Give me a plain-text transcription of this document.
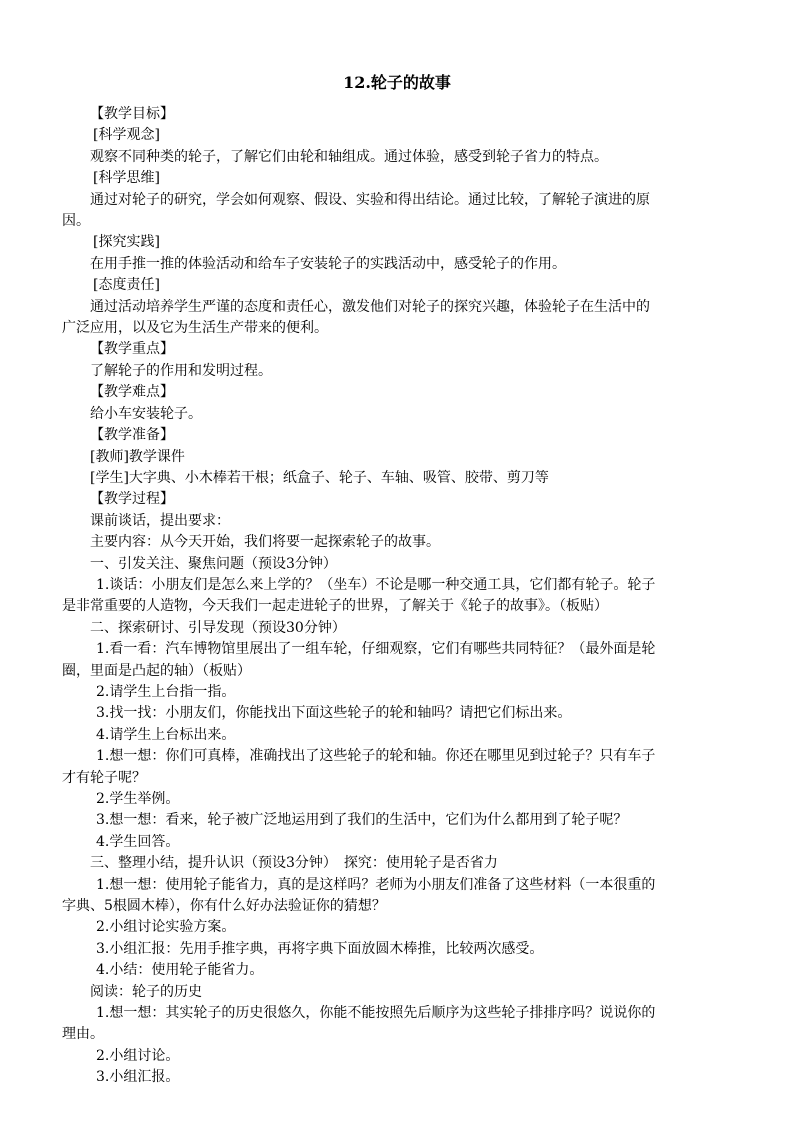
12.轮子的故事

【教学目标】

[科学观念]

观察不同种类的轮子，了解它们由轮和轴组成。通过体验，感受到轮子省力的特点。

[科学思维]

通过对轮子的研究，学会如何观察、假设、实验和得出结论。通过比较，了解轮子演进的原

因。

[探究实践]

在用手推一推的体验活动和给车子安装轮子的实践活动中，感受轮子的作用。

[态度责任]

通过活动培养学生严谨的态度和责任心，激发他们对轮子的探究兴趣，体验轮子在生活中的

广泛应用，以及它为生活生产带来的便利。

【教学重点】

了解轮子的作用和发明过程。

【教学难点】

给小车安装轮子。

【教学准备】

[教师]教学课件

[学生]大字典、小木棒若干根；纸盒子、轮子、车轴、吸管、胶带、剪刀等

【教学过程】

课前谈话，提出要求：

主要内容：从今天开始，我们将要一起探索轮子的故事。

一、引发关注、聚焦问题（预设3分钟）

1.谈话：小朋友们是怎么来上学的？（坐车）不论是哪一种交通工具，它们都有轮子。轮子

是非常重要的人造物，今天我们一起走进轮子的世界，了解关于《轮子的故事》。（板贴）

二、探索研讨、引导发现（预设30分钟）

1.看一看：汽车博物馆里展出了一组车轮，仔细观察，它们有哪些共同特征？（最外面是轮

圈，里面是凸起的轴）（板贴）

2.请学生上台指一指。

3.找一找：小朋友们，你能找出下面这些轮子的轮和轴吗？请把它们标出来。

4.请学生上台标出来。

1.想一想：你们可真棒，准确找出了这些轮子的轮和轴。你还在哪里见到过轮子？只有车子

才有轮子呢？

2.学生举例。

3.想一想：看来，轮子被广泛地运用到了我们的生活中，它们为什么都用到了轮子呢？

4.学生回答。

三、整理小结，提升认识（预设3分钟）　探究：使用轮子是否省力

1.想一想：使用轮子能省力，真的是这样吗？老师为小朋友们准备了这些材料（一本很重的

字典、5根圆木棒），你有什么好办法验证你的猜想？

2.小组讨论实验方案。

3.小组汇报：先用手推字典，再将字典下面放圆木棒推，比较两次感受。

4.小结：使用轮子能省力。

阅读：轮子的历史

1.想一想：其实轮子的历史很悠久，你能不能按照先后顺序为这些轮子排排序吗？说说你的

理由。

2.小组讨论。

3.小组汇报。
